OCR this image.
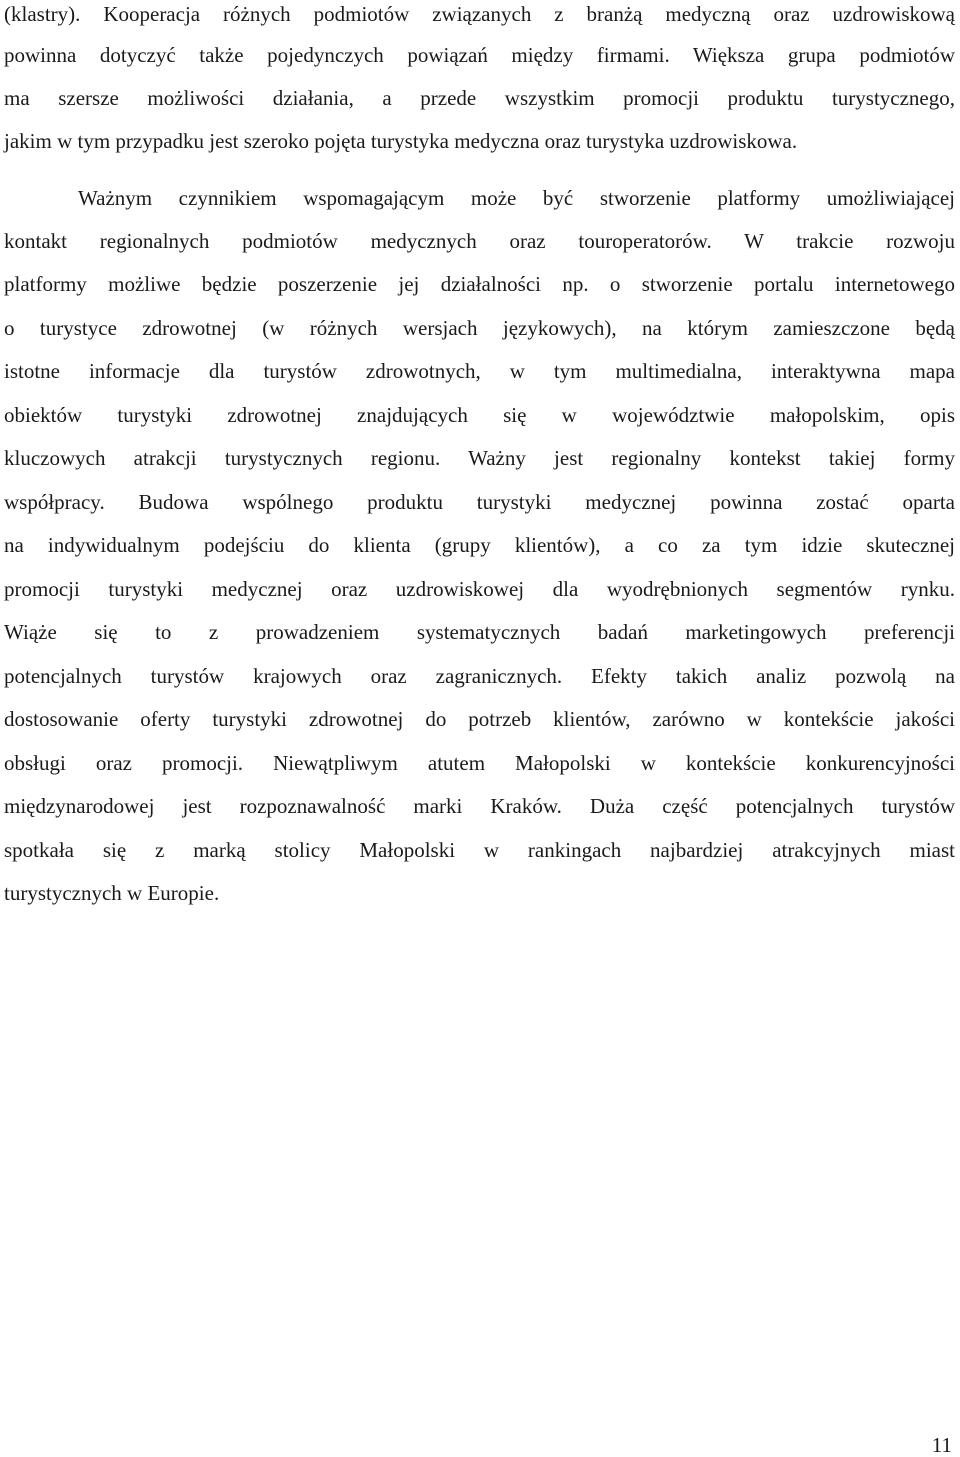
(klastry). Kooperacja różnych podmiotów związanych z branżą medyczną oraz uzdrowiskową
powinna dotyczyć także pojedynczych powiązań między firmami. Większa grupa podmiotów
ma szersze możliwości działania, a przede wszystkim promocji produktu turystycznego,
jakim w tym przypadku jest szeroko pojęta turystyka medyczna oraz turystyka uzdrowiskowa.
Ważnym czynnikiem wspomagającym może być stworzenie platformy umożliwiającej
kontakt regionalnych podmiotów medycznych oraz touroperatorów. W trakcie rozwoju
platformy możliwe będzie poszerzenie jej działalności np. o stworzenie portalu internetowego
o turystyce zdrowotnej (w różnych wersjach językowych), na którym zamieszczone będą
istotne informacje dla turystów zdrowotnych, w tym multimedialna, interaktywna mapa
obiektów turystyki zdrowotnej znajdujących się w województwie małopolskim, opis
kluczowych atrakcji turystycznych regionu. Ważny jest regionalny kontekst takiej formy
współpracy. Budowa wspólnego produktu turystyki medycznej powinna zostać oparta
na indywidualnym podejściu do klienta (grupy klientów), a co za tym idzie skutecznej
promocji turystyki medycznej oraz uzdrowiskowej dla wyodrębnionych segmentów rynku.
Wiąże się to z prowadzeniem systematycznych badań marketingowych preferencji
potencjalnych turystów krajowych oraz zagranicznych. Efekty takich analiz pozwolą na
dostosowanie oferty turystyki zdrowotnej do potrzeb klientów, zarówno w kontekście jakości
obsługi oraz promocji. Niewątpliwym atutem Małopolski w kontekście konkurencyjności
międzynarodowej jest rozpoznawalność marki Kraków. Duża część potencjalnych turystów
spotkała się z marką stolicy Małopolski w rankingach najbardziej atrakcyjnych miast
turystycznych w Europie.
11
